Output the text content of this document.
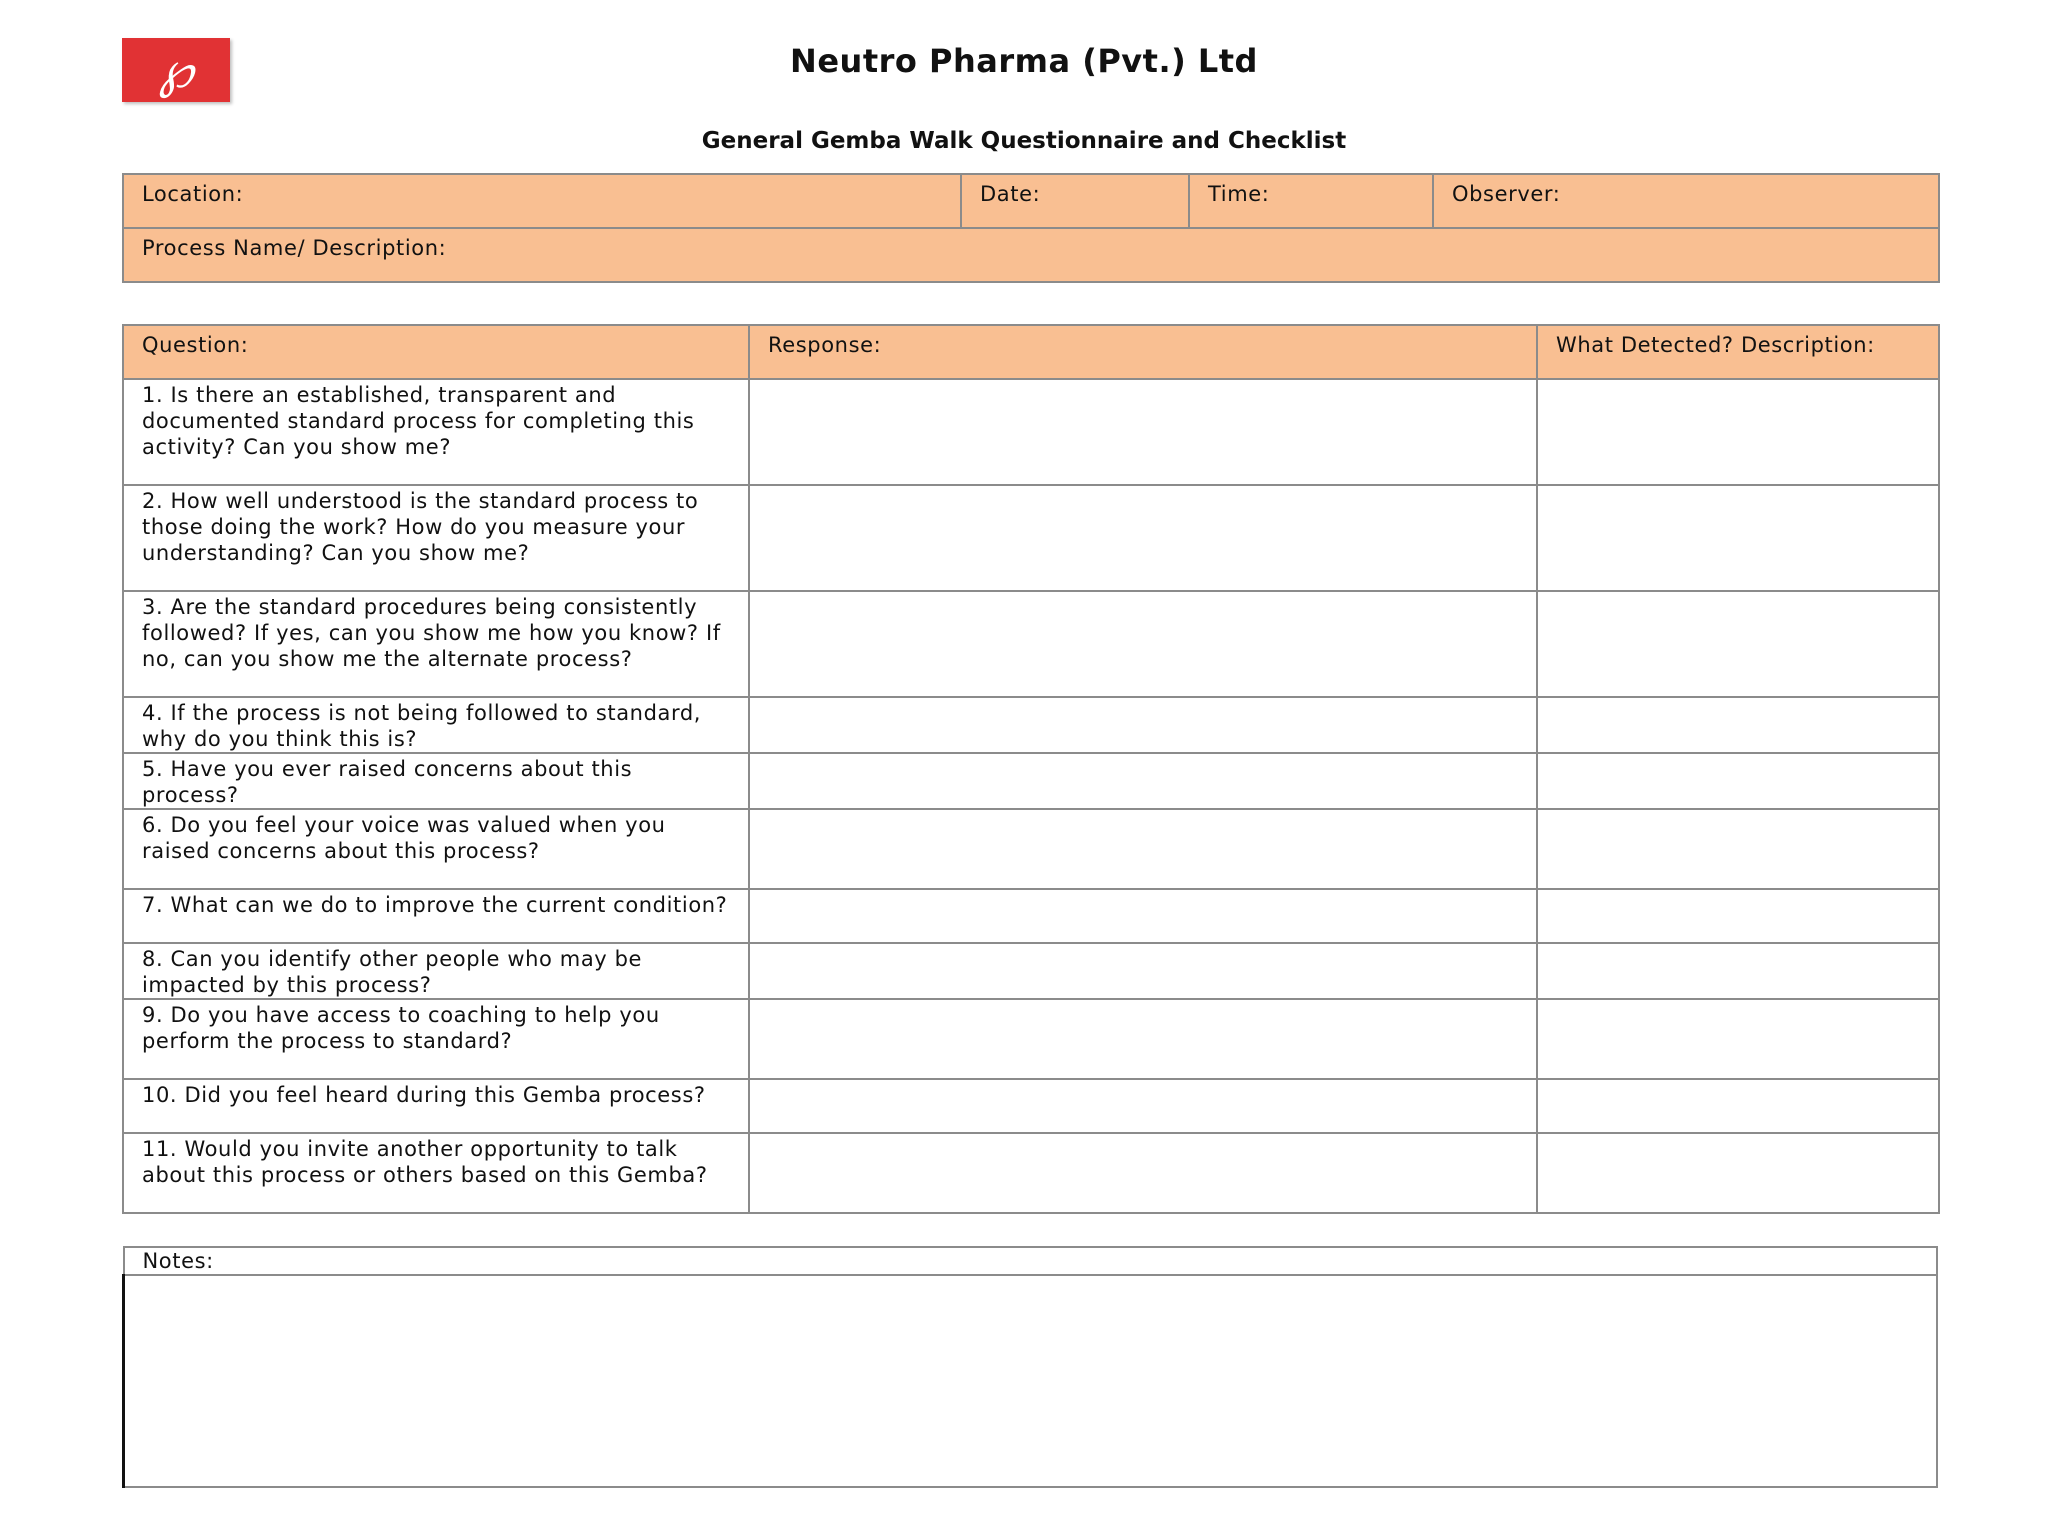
℘	Neutro Pharma (Pvt.) Ltd
General Gemba Walk Questionnaire and Checklist
Location:	Date:	Time:	Observer:
Process Name/ Description:
Question:	Response:	What Detected? Description:
1. Is there an established, transparent and documented standard process for completing this activity? Can you show me?		
2. How well understood is the standard process to those doing the work? How do you measure your understanding? Can you show me?		
3. Are the standard procedures being consistently followed? If yes, can you show me how you know? If no, can you show me the alternate process?		
4. If the process is not being followed to standard, why do you think this is?		
5. Have you ever raised concerns about this process?		
6. Do you feel your voice was valued when you raised concerns about this process?		
7. What can we do to improve the current condition?		
8. Can you identify other people who may be impacted by this process?		
9. Do you have access to coaching to help you perform the process to standard?		
10. Did you feel heard during this Gemba process?		
11. Would you invite another opportunity to talk about this process or others based on this Gemba?		
Notes:
